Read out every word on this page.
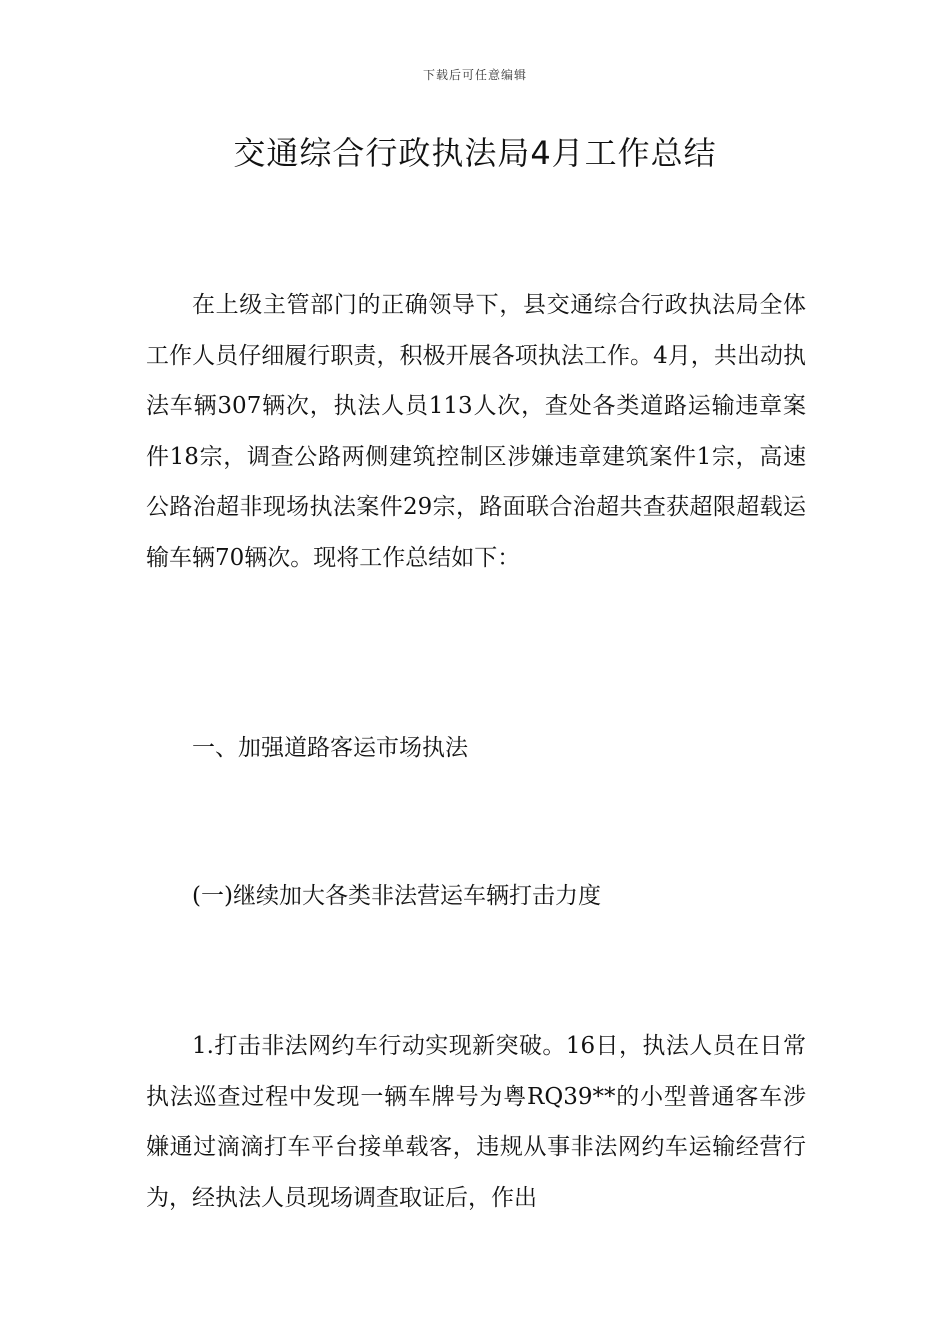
下载后可任意编辑
交通综合行政执法局4月工作总结

在上级主管部门的正确领导下，县交通综合行政执法局全体工作人员仔细履行职责，积极开展各项执法工作。4月，共出动执法车辆307辆次，执法人员113人次，查处各类道路运输违章案件18宗，调查公路两侧建筑控制区涉嫌违章建筑案件1宗，高速公路治超非现场执法案件29宗，路面联合治超共查获超限超载运输车辆70辆次。现将工作总结如下：

一、加强道路客运市场执法

(一)继续加大各类非法营运车辆打击力度

1.打击非法网约车行动实现新突破。16日，执法人员在日常执法巡查过程中发现一辆车牌号为粤RQ39**的小型普通客车涉嫌通过滴滴打车平台接单载客，违规从事非法网约车运输经营行为，经执法人员现场调查取证后，作出
